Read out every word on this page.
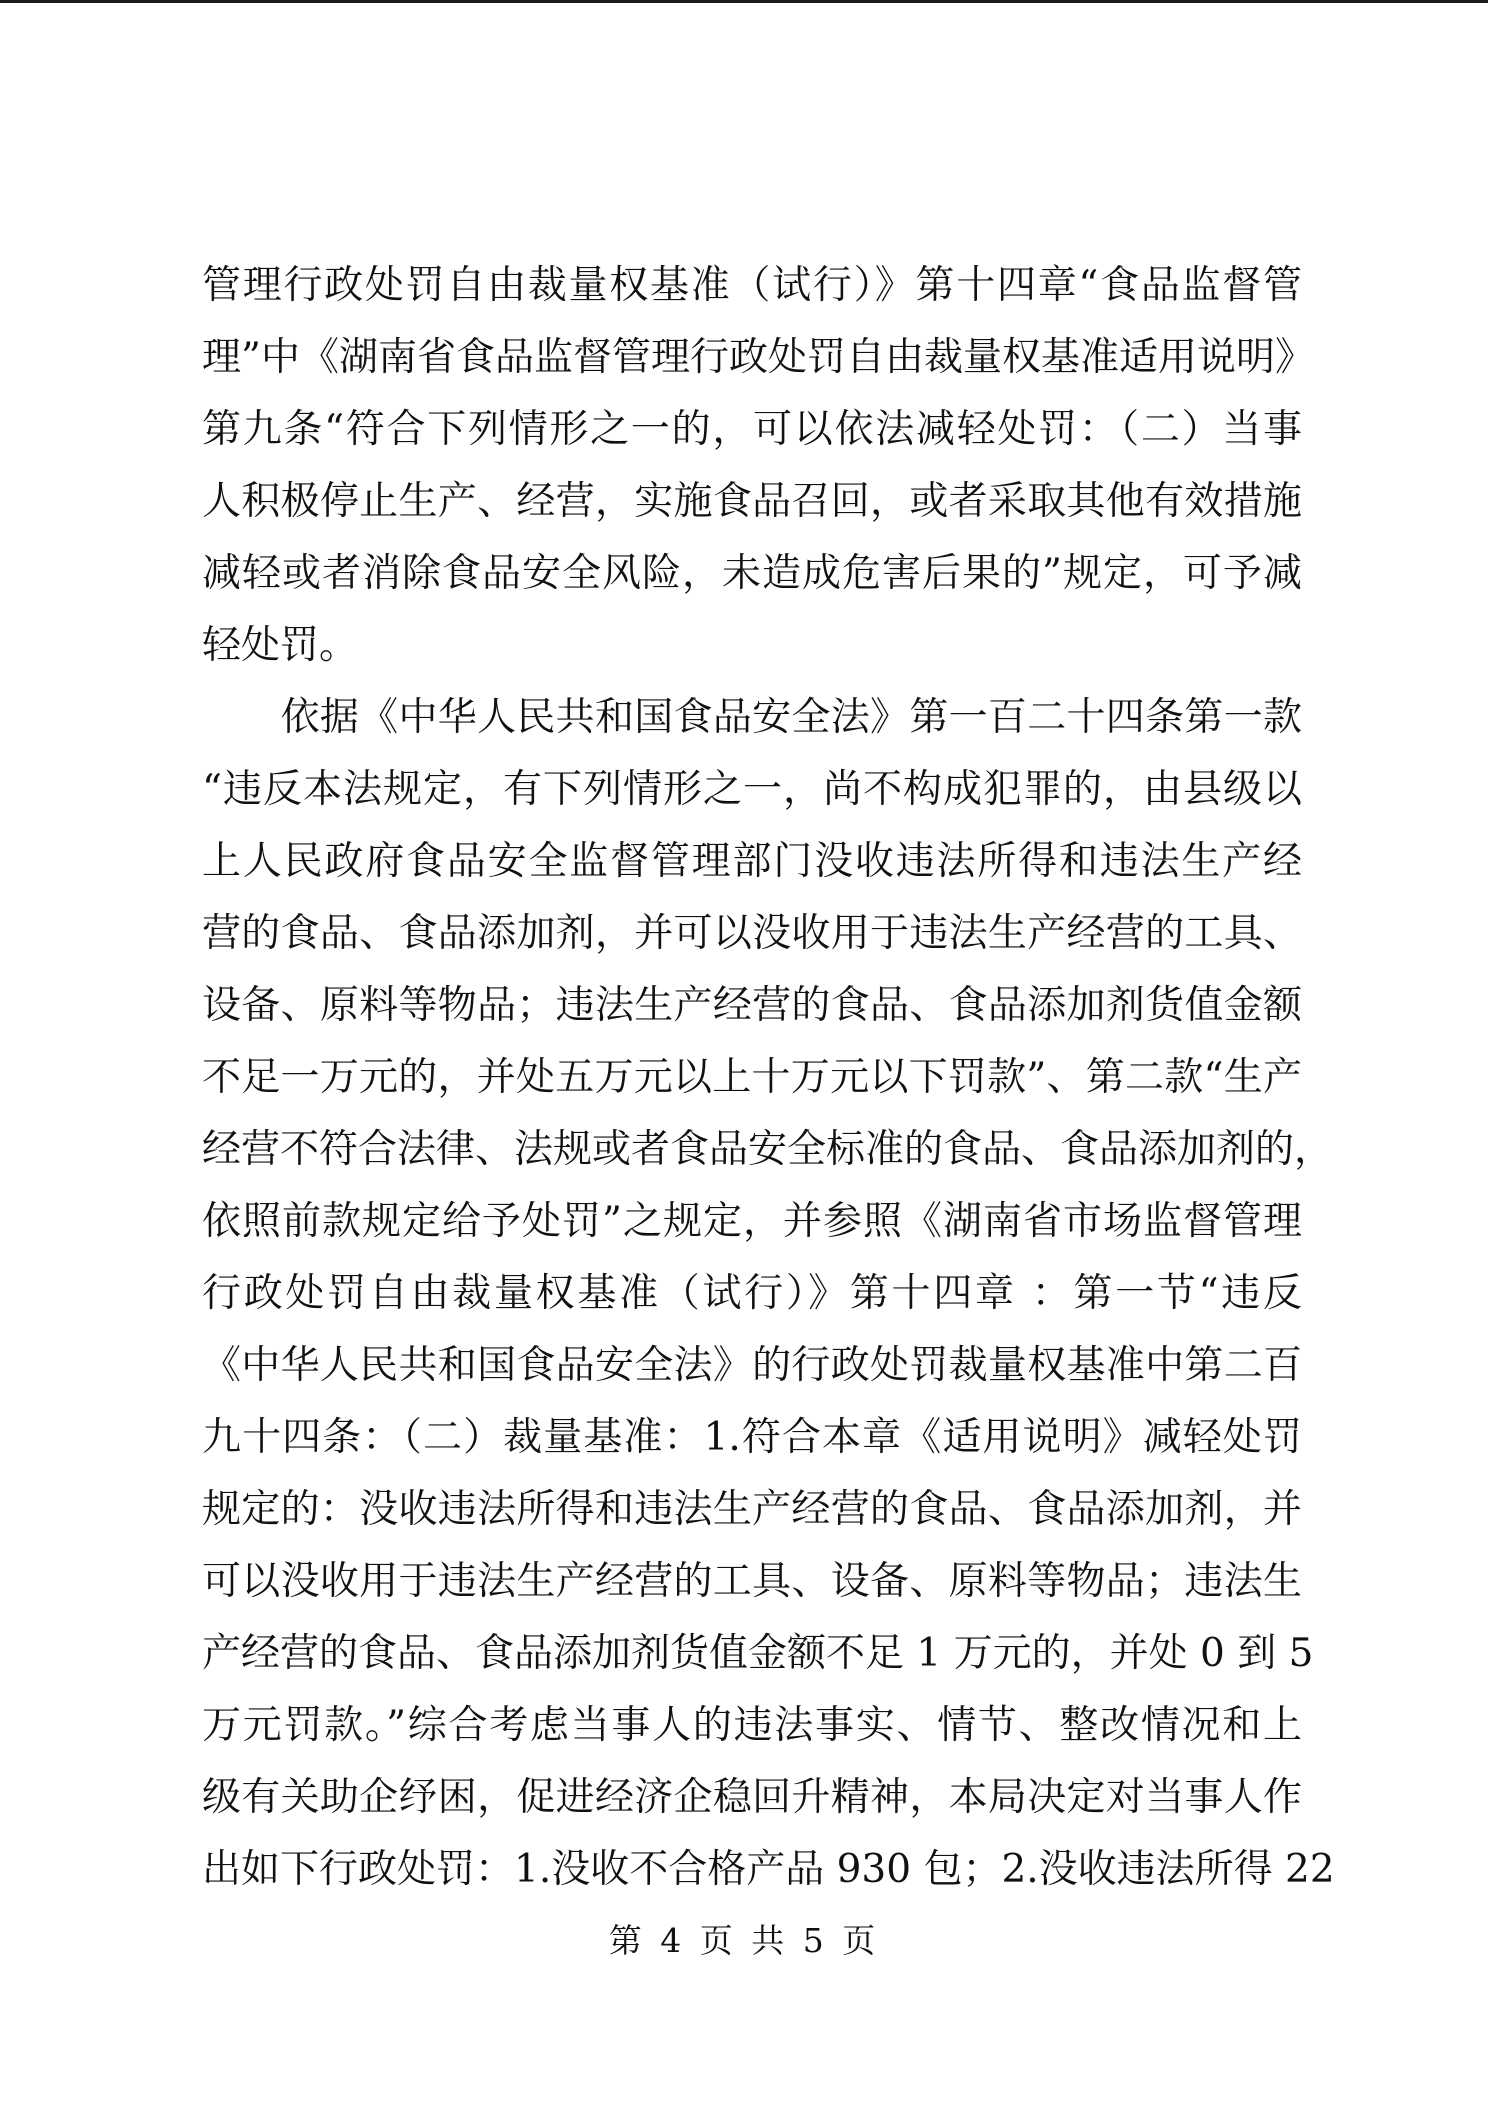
管理行政处罚自由裁量权基准（试行）》第十四章“食品监督管
理”中《湖南省食品监督管理行政处罚自由裁量权基准适用说明》
第九条“符合下列情形之一的，可以依法减轻处罚：（二）当事
人积极停止生产、经营，实施食品召回，或者采取其他有效措施
减轻或者消除食品安全风险，未造成危害后果的”规定，可予减
轻处罚。
　　依据《中华人民共和国食品安全法》第一百二十四条第一款
“违反本法规定，有下列情形之一，尚不构成犯罪的，由县级以
上人民政府食品安全监督管理部门没收违法所得和违法生产经
营的食品、食品添加剂，并可以没收用于违法生产经营的工具、
设备、原料等物品；违法生产经营的食品、食品添加剂货值金额
不足一万元的，并处五万元以上十万元以下罚款”、第二款“生产
经营不符合法律、法规或者食品安全标准的食品、食品添加剂的，
依照前款规定给予处罚”之规定，并参照《湖南省市场监督管理
行政处罚自由裁量权基准（试行）》第十四章 ：第一节“违反
《中华人民共和国食品安全法》的行政处罚裁量权基准中第二百
九十四条：（二）裁量基准：1.符合本章《适用说明》减轻处罚
规定的：没收违法所得和违法生产经营的食品、食品添加剂，并
可以没收用于违法生产经营的工具、设备、原料等物品；违法生
产经营的食品、食品添加剂货值金额不足 1 万元的，并处 0 到 5
万元罚款。”综合考虑当事人的违法事实、情节、整改情况和上
级有关助企纾困，促进经济企稳回升精神，本局决定对当事人作
出如下行政处罚：1.没收不合格产品 930 包；2.没收违法所得 22
第 4 页 共 5 页
